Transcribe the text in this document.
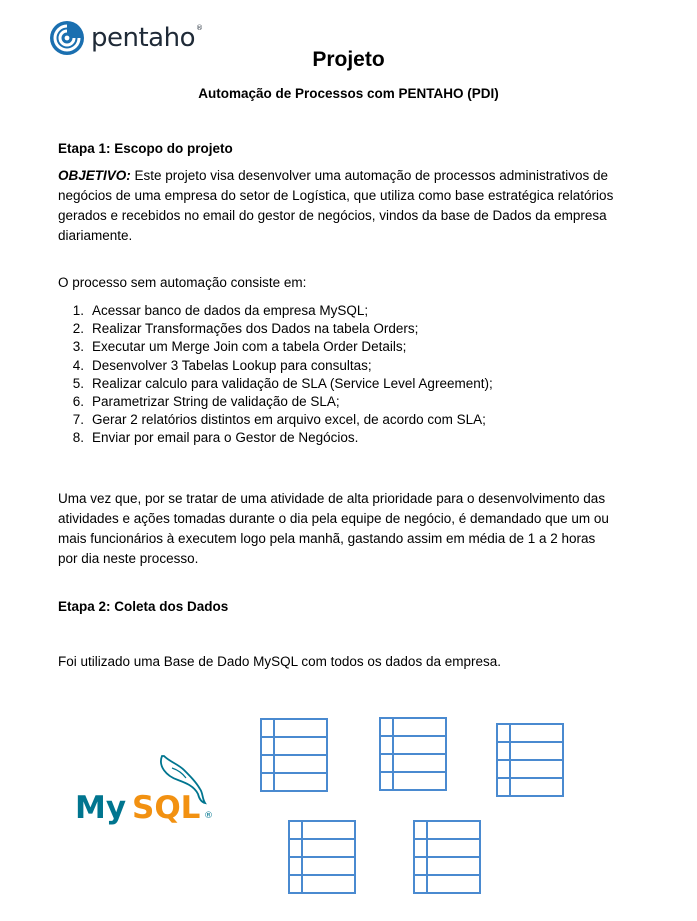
pentaho®
Projeto
Automação de Processos com PENTAHO (PDI)
Etapa 1: Escopo do projeto
OBJETIVO: Este projeto visa desenvolver uma automação de processos administrativos de negócios de uma empresa do setor de Logística, que utiliza como base estratégica relatórios gerados e recebidos no email do gestor de negócios, vindos da base de Dados da empresa diariamente.
O processo sem automação consiste em:
1. Acessar banco de dados da empresa MySQL;
2. Realizar Transformações dos Dados na tabela Orders;
3. Executar um Merge Join com a tabela Order Details;
4. Desenvolver 3 Tabelas Lookup para consultas;
5. Realizar calculo para validação de SLA (Service Level Agreement);
6. Parametrizar String de validação de SLA;
7. Gerar 2 relatórios distintos em arquivo excel, de acordo com SLA;
8. Enviar por email para o Gestor de Negócios.
Uma vez que, por se tratar de uma atividade de alta prioridade para o desenvolvimento das atividades e ações tomadas durante o dia pela equipe de negócio, é demandado que um ou mais funcionários à executem logo pela manhã, gastando assim em média de 1 a 2 horas por dia neste processo.
Etapa 2: Coleta dos Dados
Foi utilizado uma Base de Dado MySQL com todos os dados da empresa.
My SQL ®
